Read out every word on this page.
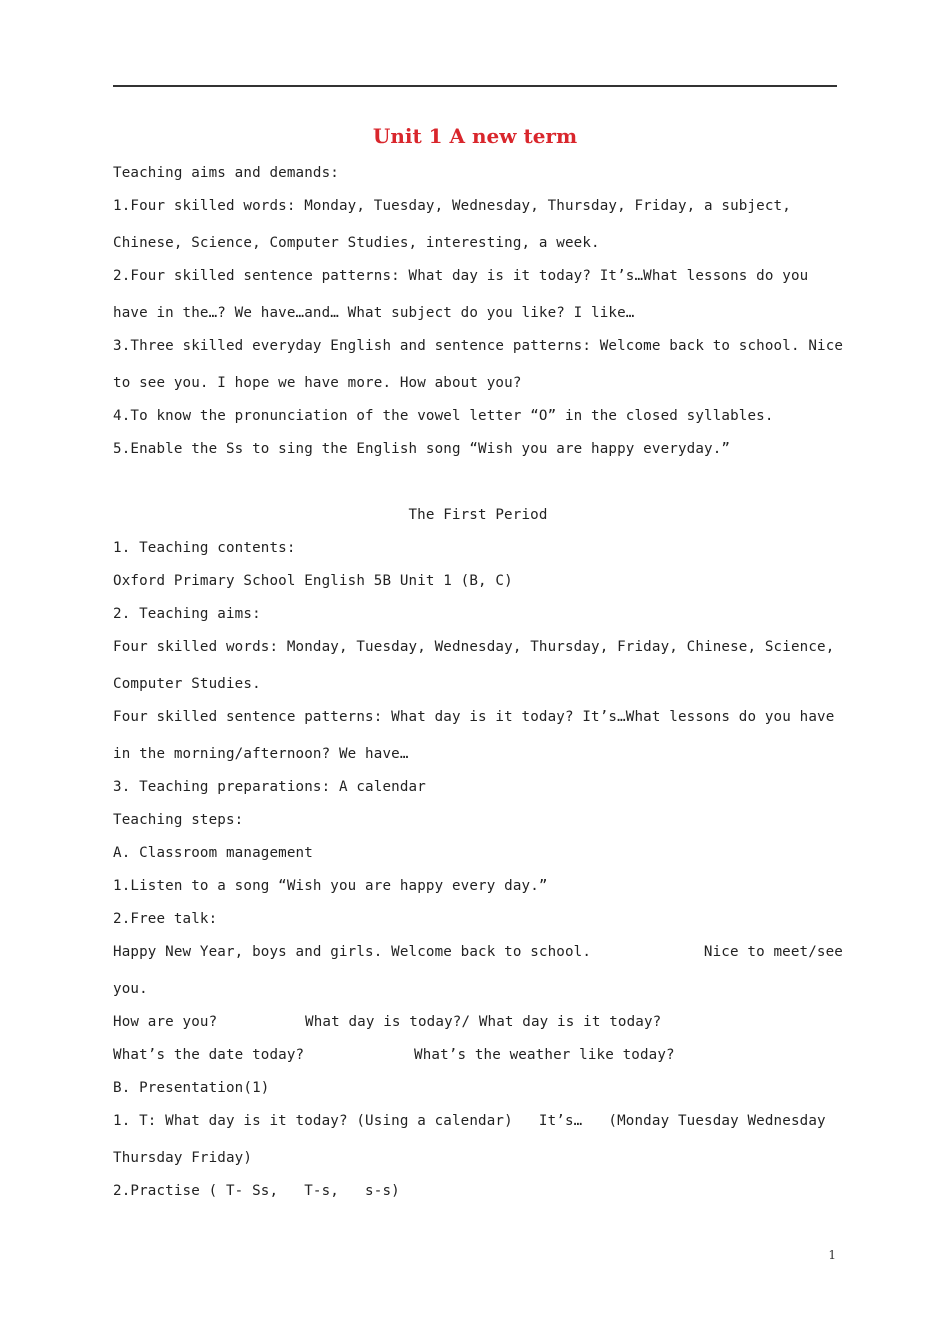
Unit 1 A new term
Teaching aims and demands:
1.Four skilled words: Monday, Tuesday, Wednesday, Thursday, Friday, a subject,
Chinese, Science, Computer Studies, interesting, a week.
2.Four skilled sentence patterns: What day is it today? It’s…What lessons do you
have in the…? We have…and… What subject do you like? I like…
3.Three skilled everyday English and sentence patterns: Welcome back to school. Nice
to see you. I hope we have more. How about you?
4.To know the pronunciation of the vowel letter “O” in the closed syllables.
5.Enable the Ss to sing the English song “Wish you are happy everyday.”
The First Period
1. Teaching contents:
Oxford Primary School English 5B Unit 1 (B, C)
2. Teaching aims:
Four skilled words: Monday, Tuesday, Wednesday, Thursday, Friday, Chinese, Science,
Computer Studies.
Four skilled sentence patterns: What day is it today? It’s…What lessons do you have
in the morning/afternoon? We have…
3. Teaching preparations: A calendar
Teaching steps:
A. Classroom management
1.Listen to a song “Wish you are happy every day.”
2.Free talk:
Happy New Year, boys and girls. Welcome back to school.	Nice to meet/see
you.
How are you?	What day is today?/ What day is it today?
What’s the date today?	What’s the weather like today?
B. Presentation(1)
1. T: What day is it today? (Using a calendar)   It’s…   (Monday Tuesday Wednesday
Thursday Friday)
2.Practise ( T- Ss,   T-s,   s-s)
1
